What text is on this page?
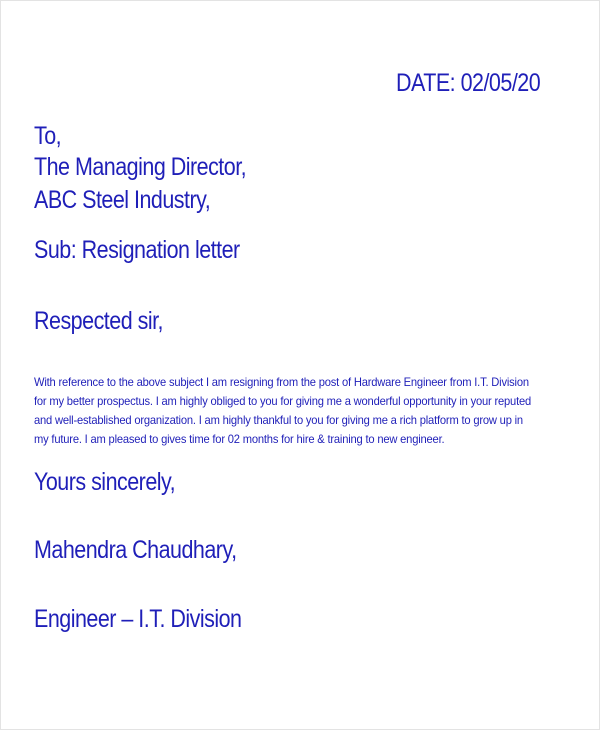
DATE: 02/05/20
To,
The Managing Director,
ABC Steel Industry,
Sub: Resignation letter
Respected sir,
With reference to the above subject I am resigning from the post of Hardware Engineer from I.T. Division
for my better prospectus. I am highly obliged to you for giving me a wonderful opportunity in your reputed
and well-established organization. I am highly thankful to you for giving me a rich platform to grow up in
my future. I am pleased to gives time for 02 months for hire & training to new engineer.
Yours sincerely,
Mahendra Chaudhary,
Engineer – I.T. Division
